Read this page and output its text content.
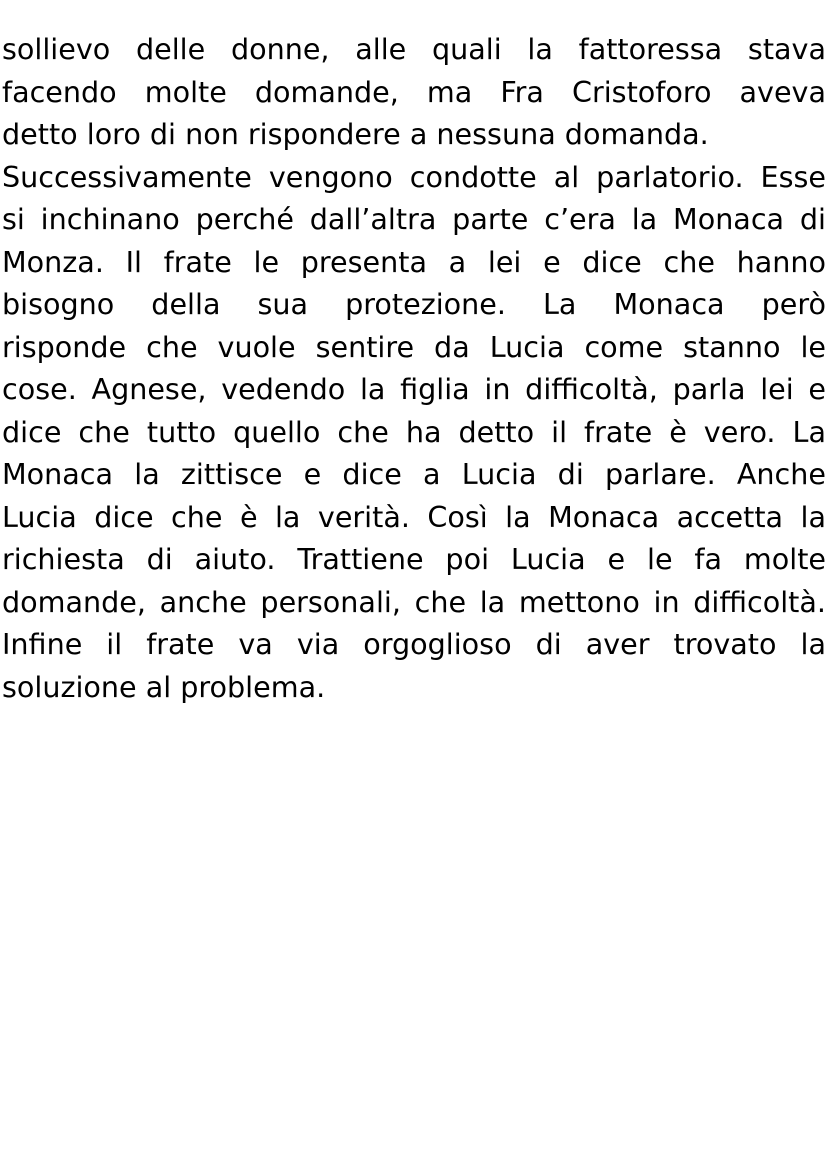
sollievo delle donne, alle quali la fattoressa stava
facendo molte domande, ma Fra Cristoforo aveva
detto loro di non rispondere a nessuna domanda.
Successivamente vengono condotte al parlatorio. Esse
si inchinano perché dall’altra parte c’era la Monaca di
Monza. Il frate le presenta a lei e dice che hanno
bisogno della sua protezione. La Monaca però
risponde che vuole sentire da Lucia come stanno le
cose. Agnese, vedendo la figlia in difficoltà, parla lei e
dice che tutto quello che ha detto il frate è vero. La
Monaca la zittisce e dice a Lucia di parlare. Anche
Lucia dice che è la verità. Così la Monaca accetta la
richiesta di aiuto. Trattiene poi Lucia e le fa molte
domande, anche personali, che la mettono in difficoltà.
Infine il frate va via orgoglioso di aver trovato la
soluzione al problema.
